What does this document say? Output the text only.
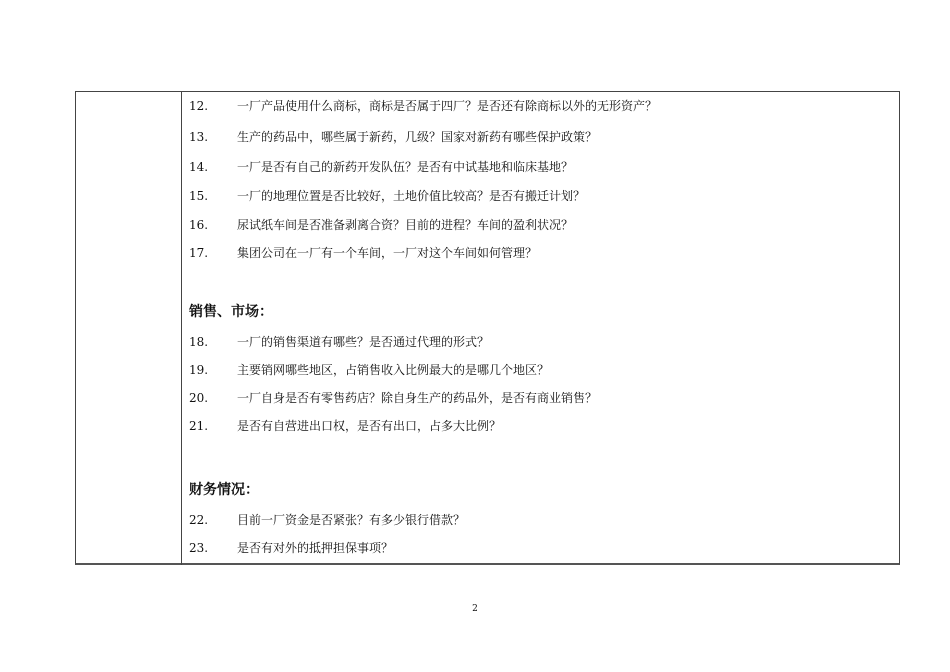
12. 一厂产品使用什么商标，商标是否属于四厂？是否还有除商标以外的无形资产？
13. 生产的药品中，哪些属于新药，几级？国家对新药有哪些保护政策？
14. 一厂是否有自己的新药开发队伍？是否有中试基地和临床基地？
15. 一厂的地理位置是否比较好，土地价值比较高？是否有搬迁计划？
16. 尿试纸车间是否准备剥离合资？目前的进程？车间的盈利状况？
17. 集团公司在一厂有一个车间，一厂对这个车间如何管理？
销售、市场：
18. 一厂的销售渠道有哪些？是否通过代理的形式？
19. 主要销网哪些地区，占销售收入比例最大的是哪几个地区？
20. 一厂自身是否有零售药店？除自身生产的药品外，是否有商业销售？
21. 是否有自营进出口权，是否有出口，占多大比例？
财务情况：
22. 目前一厂资金是否紧张？有多少银行借款？
23. 是否有对外的抵押担保事项？
2
